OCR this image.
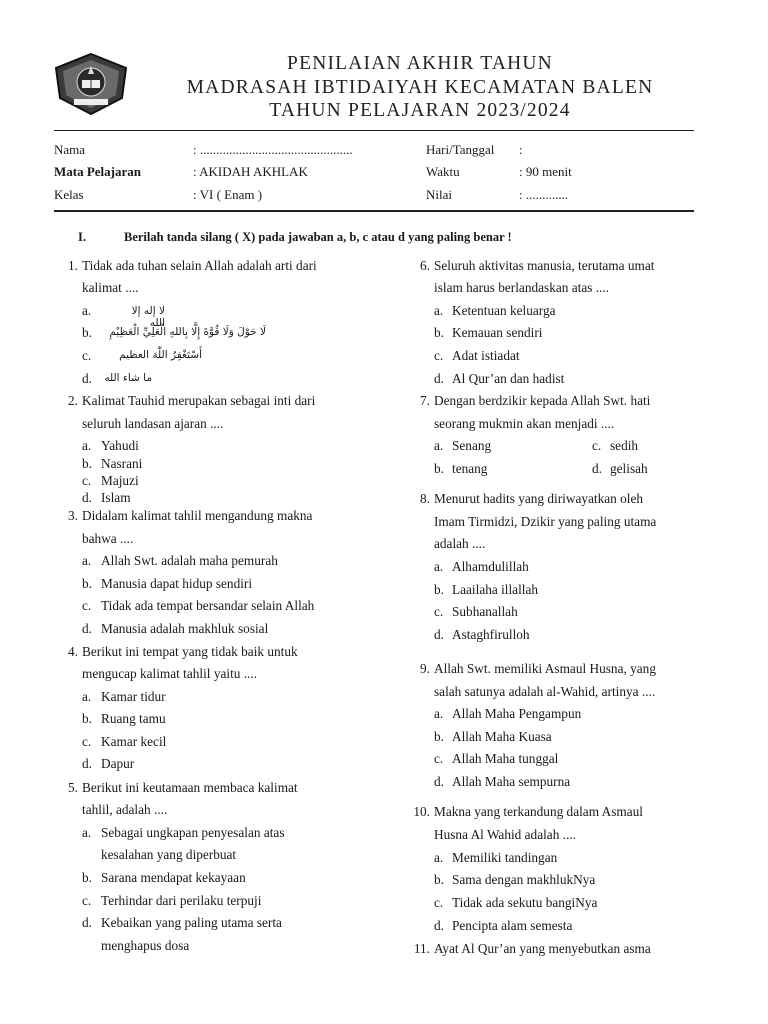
PENILAIAN AKHIR TAHUN
MADRASAH IBTIDAIYAH KECAMATAN BALEN
TAHUN PELAJARAN 2023/2024
Nama	: ...............................................
Mata Pelajaran	: AKIDAH AKHLAK
Kelas	: VI ( Enam )
Hari/Tanggal :
Waktu	: 90 menit
Nilai	: .............
I.	Berilah tanda silang ( X) pada jawaban a, b, c atau d yang paling benar !
1. Tidak ada tuhan selain Allah adalah arti dari
kalimat ....
a.	لا إله إلا الله
b.	لَا حَوْلَ وَلَا قُوَّةَ إِلَّا بِاللهِ الْعَلِيِّ الْعَظِيْمِ
c.	أَسْتَغْفِرُ اللّٰهَ العظيم
d.	ما شاء الله
2. Kalimat Tauhid merupakan sebagai inti dari
seluruh landasan ajaran ....
a. Yahudi
b. Nasrani
c. Majuzi
d. Islam
3. Didalam kalimat tahlil mengandung makna
bahwa ....
a. Allah Swt. adalah maha pemurah
b. Manusia dapat hidup sendiri
c. Tidak ada tempat bersandar selain Allah
d. Manusia adalah makhluk sosial
4. Berikut ini tempat yang tidak baik untuk
mengucap kalimat tahlil yaitu ....
a. Kamar tidur
b. Ruang tamu
c. Kamar kecil
d. Dapur
5. Berikut ini keutamaan membaca kalimat
tahlil, adalah ....
a. Sebagai ungkapan penyesalan atas
kesalahan yang diperbuat
b. Sarana mendapat kekayaan
c. Terhindar dari perilaku terpuji
d. Kebaikan yang paling utama serta
menghapus dosa
6. Seluruh aktivitas manusia, terutama umat
islam harus berlandaskan atas ....
a. Ketentuan keluarga
b. Kemauan sendiri
c. Adat istiadat
d. Al Qur’an dan hadist
7. Dengan berdzikir kepada Allah Swt. hati
seorang mukmin akan menjadi ....
a. Senang	c. sedih
b. tenang	d. gelisah
8. Menurut hadits yang diriwayatkan oleh
Imam Tirmidzi, Dzikir yang paling utama
adalah ....
a. Alhamdulillah
b. Laailaha illallah
c. Subhanallah
d. Astaghfirulloh
9. Allah Swt. memiliki Asmaul Husna, yang
salah satunya adalah al-Wahid, artinya ....
a. Allah Maha Pengampun
b. Allah Maha Kuasa
c. Allah Maha tunggal
d. Allah Maha sempurna
10. Makna yang terkandung dalam Asmaul
Husna Al Wahid adalah ....
a. Memiliki tandingan
b. Sama dengan makhlukNya
c. Tidak ada sekutu bangiNya
d. Pencipta alam semesta
11. Ayat Al Qur’an yang menyebutkan asma
